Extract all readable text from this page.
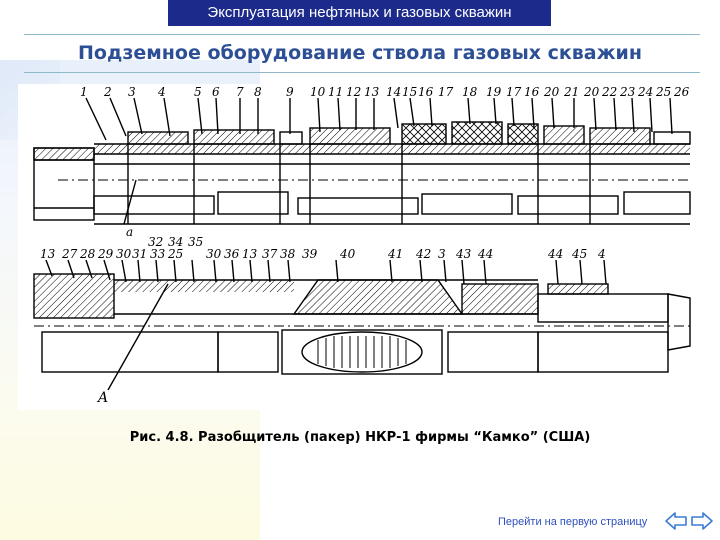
Эксплуатация нефтяных и газовых скважин
Подземное оборудование ствола газовых скважин
1 2 3 4 5 6 7 8 9 10 11 12 13 14 15 16 17 18 19 17 16 20 21 20 22 23 24 25 26
a
13 27 28 29 30 31
32
33
34
25
35
30 36 13 37 38 39 40	41 42 3 43 44	44 45 4
A
Рис. 4.8. Разобщитель (пакер) НКР-1 фирмы “Камко” (США)
Перейти на первую страницу
